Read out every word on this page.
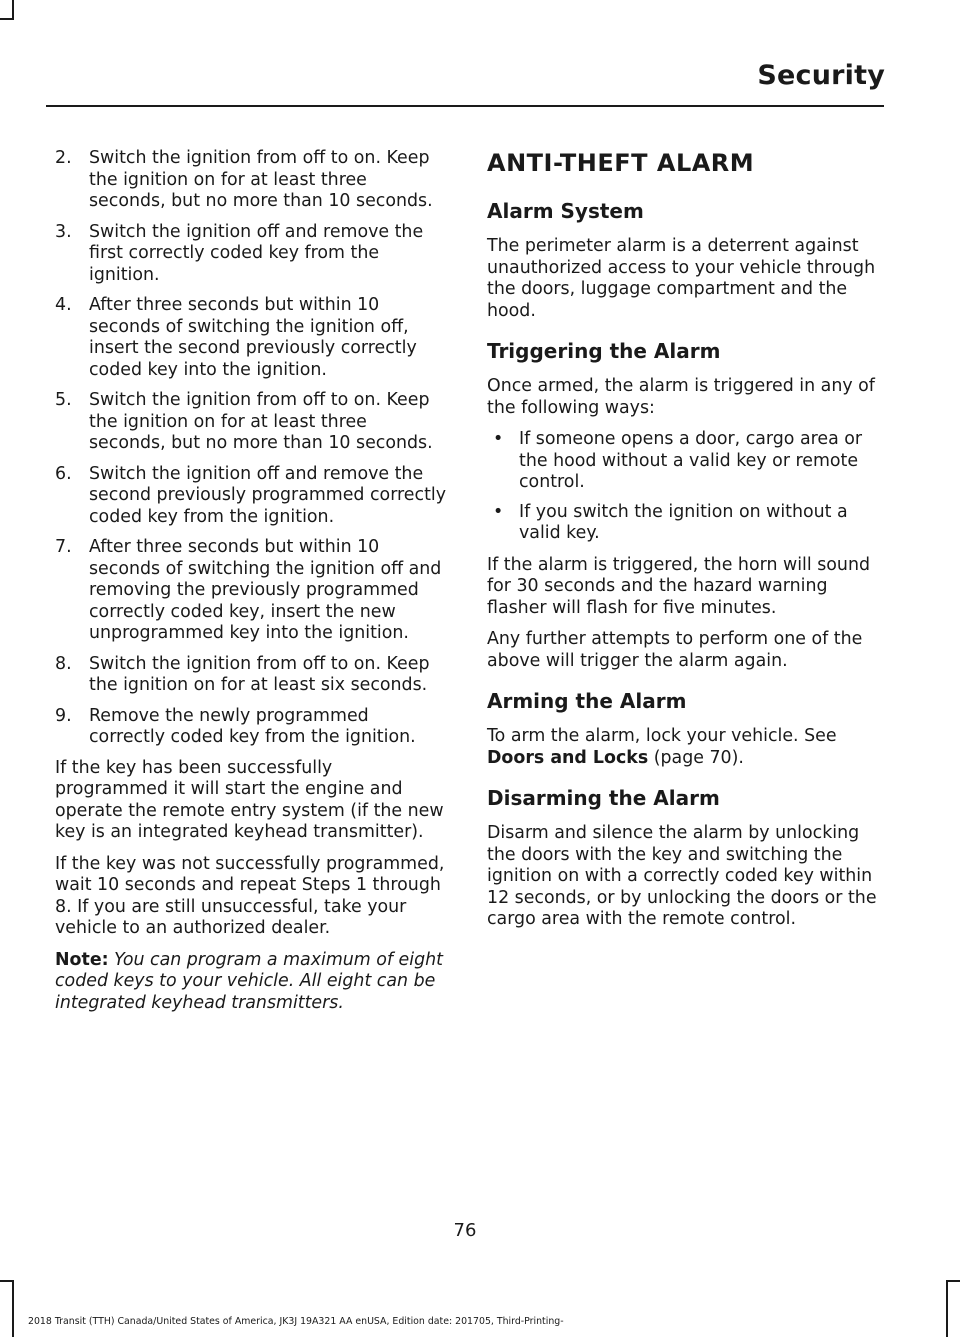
Security
2. Switch the ignition from off to on. Keep the ignition on for at least three seconds, but no more than 10 seconds.
3. Switch the ignition off and remove the first correctly coded key from the ignition.
4. After three seconds but within 10 seconds of switching the ignition off, insert the second previously correctly coded key into the ignition.
5. Switch the ignition from off to on. Keep the ignition on for at least three seconds, but no more than 10 seconds.
6. Switch the ignition off and remove the second previously programmed correctly coded key from the ignition.
7. After three seconds but within 10 seconds of switching the ignition off and removing the previously programmed correctly coded key, insert the new unprogrammed key into the ignition.
8. Switch the ignition from off to on. Keep the ignition on for at least six seconds.
9. Remove the newly programmed correctly coded key from the ignition.

If the key has been successfully programmed it will start the engine and operate the remote entry system (if the new key is an integrated keyhead transmitter).

If the key was not successfully programmed, wait 10 seconds and repeat Steps 1 through 8. If you are still unsuccessful, take your vehicle to an authorized dealer.

Note: You can program a maximum of eight coded keys to your vehicle. All eight can be integrated keyhead transmitters.

ANTI-THEFT ALARM
Alarm System

The perimeter alarm is a deterrent against unauthorized access to your vehicle through the doors, luggage compartment and the hood.

Triggering the Alarm

Once armed, the alarm is triggered in any of the following ways:

• If someone opens a door, cargo area or the hood without a valid key or remote control.
• If you switch the ignition on without a valid key.

If the alarm is triggered, the horn will sound for 30 seconds and the hazard warning flasher will flash for five minutes.

Any further attempts to perform one of the above will trigger the alarm again.

Arming the Alarm

To arm the alarm, lock your vehicle. See
Doors and Locks (page 70).

Disarming the Alarm

Disarm and silence the alarm by unlocking the doors with the key and switching the ignition on with a correctly coded key within 12 seconds, or by unlocking the doors or the cargo area with the remote control.

76
2018 Transit (TTH) Canada/United States of America, JK3J 19A321 AA enUSA, Edition date: 201705, Third-Printing-
